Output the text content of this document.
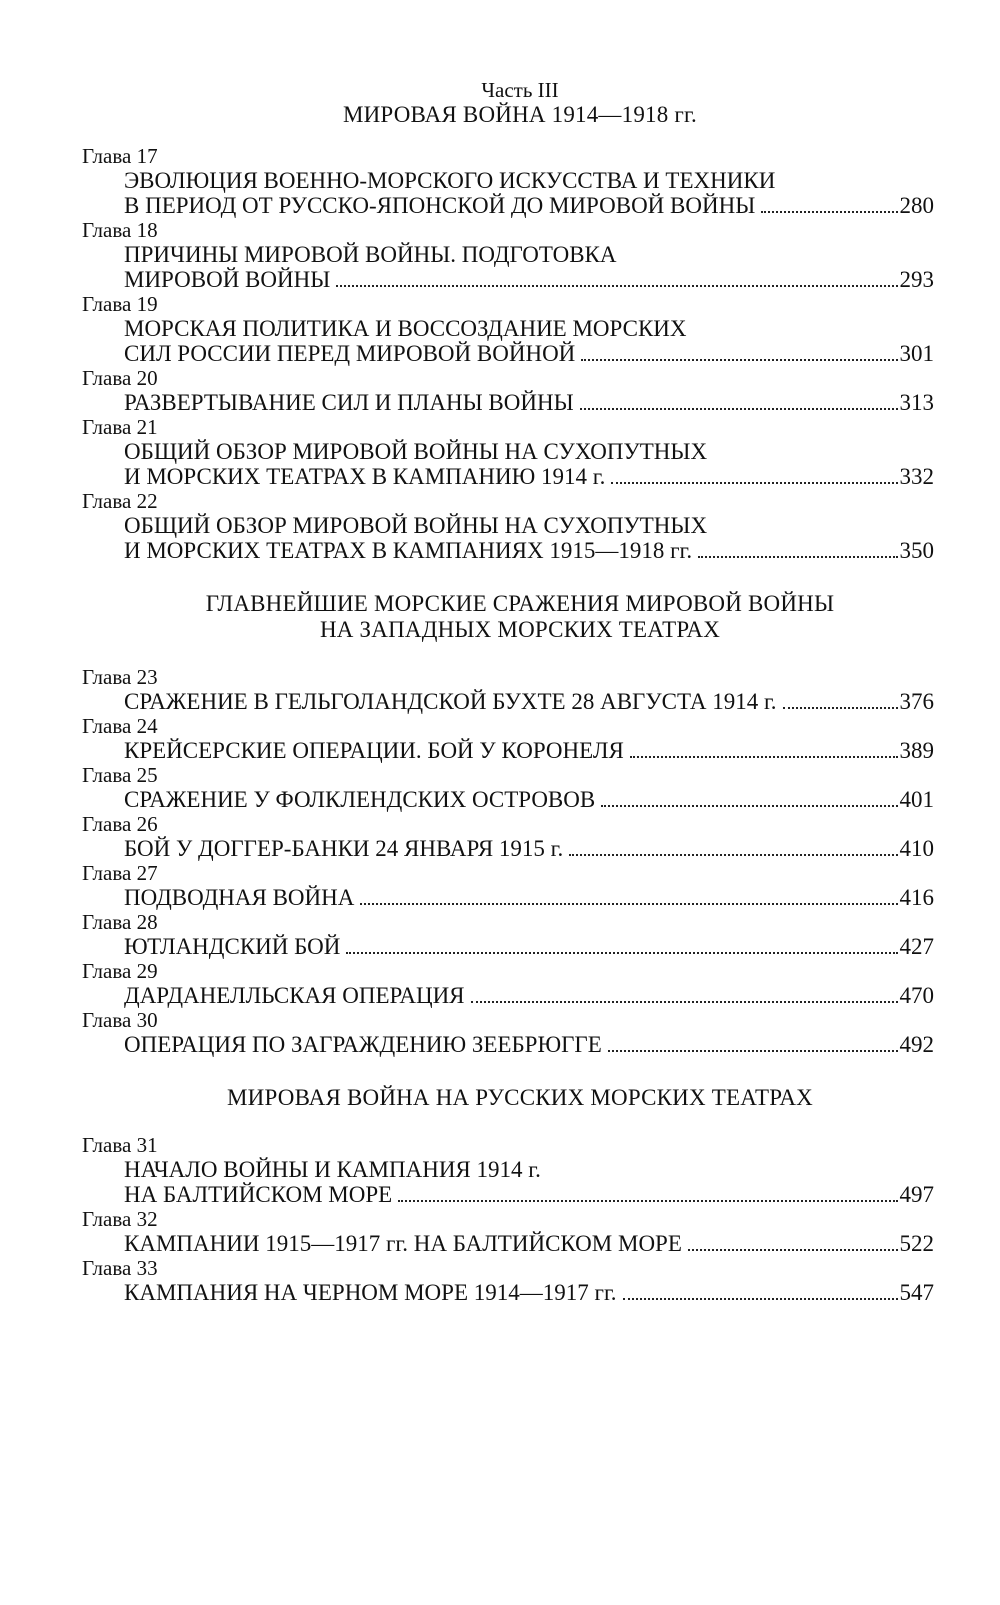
Часть III
МИРОВАЯ ВОЙНА 1914—1918 гг.
Глава 17
ЭВОЛЮЦИЯ ВОЕННО-МОРСКОГО ИСКУССТВА И ТЕХНИКИ
В ПЕРИОД ОТ РУССКО-ЯПОНСКОЙ ДО МИРОВОЙ ВОЙНЫ	280
Глава 18
ПРИЧИНЫ МИРОВОЙ ВОЙНЫ. ПОДГОТОВКА
МИРОВОЙ ВОЙНЫ	293
Глава 19
МОРСКАЯ ПОЛИТИКА И ВОССОЗДАНИЕ МОРСКИХ
СИЛ РОССИИ ПЕРЕД МИРОВОЙ ВОЙНОЙ	301
Глава 20
РАЗВЕРТЫВАНИЕ СИЛ И ПЛАНЫ ВОЙНЫ	313
Глава 21
ОБЩИЙ ОБЗОР МИРОВОЙ ВОЙНЫ НА СУХОПУТНЫХ
И МОРСКИХ ТЕАТРАХ В КАМПАНИЮ 1914 г.	332
Глава 22
ОБЩИЙ ОБЗОР МИРОВОЙ ВОЙНЫ НА СУХОПУТНЫХ
И МОРСКИХ ТЕАТРАХ В КАМПАНИЯХ 1915—1918 гг.	350
ГЛАВНЕЙШИЕ МОРСКИЕ СРАЖЕНИЯ МИРОВОЙ ВОЙНЫ
НА ЗАПАДНЫХ МОРСКИХ ТЕАТРАХ
Глава 23
СРАЖЕНИЕ В ГЕЛЬГОЛАНДСКОЙ БУХТЕ 28 АВГУСТА 1914 г.	376
Глава 24
КРЕЙСЕРСКИЕ ОПЕРАЦИИ. БОЙ У КОРОНЕЛЯ	389
Глава 25
СРАЖЕНИЕ У ФОЛКЛЕНДСКИХ ОСТРОВОВ	401
Глава 26
БОЙ У ДОГГЕР-БАНКИ 24 ЯНВАРЯ 1915 г.	410
Глава 27
ПОДВОДНАЯ ВОЙНА	416
Глава 28
ЮТЛАНДСКИЙ БОЙ	427
Глава 29
ДАРДАНЕЛЛЬСКАЯ ОПЕРАЦИЯ	470
Глава 30
ОПЕРАЦИЯ ПО ЗАГРАЖДЕНИЮ ЗЕЕБРЮГГЕ	492
МИРОВАЯ ВОЙНА НА РУССКИХ МОРСКИХ ТЕАТРАХ
Глава 31
НАЧАЛО ВОЙНЫ И КАМПАНИЯ 1914 г.
НА БАЛТИЙСКОМ МОРЕ	497
Глава 32
КАМПАНИИ 1915—1917 гг. НА БАЛТИЙСКОМ МОРЕ	522
Глава 33
КАМПАНИЯ НА ЧЕРНОМ МОРЕ 1914—1917 гг.	547
